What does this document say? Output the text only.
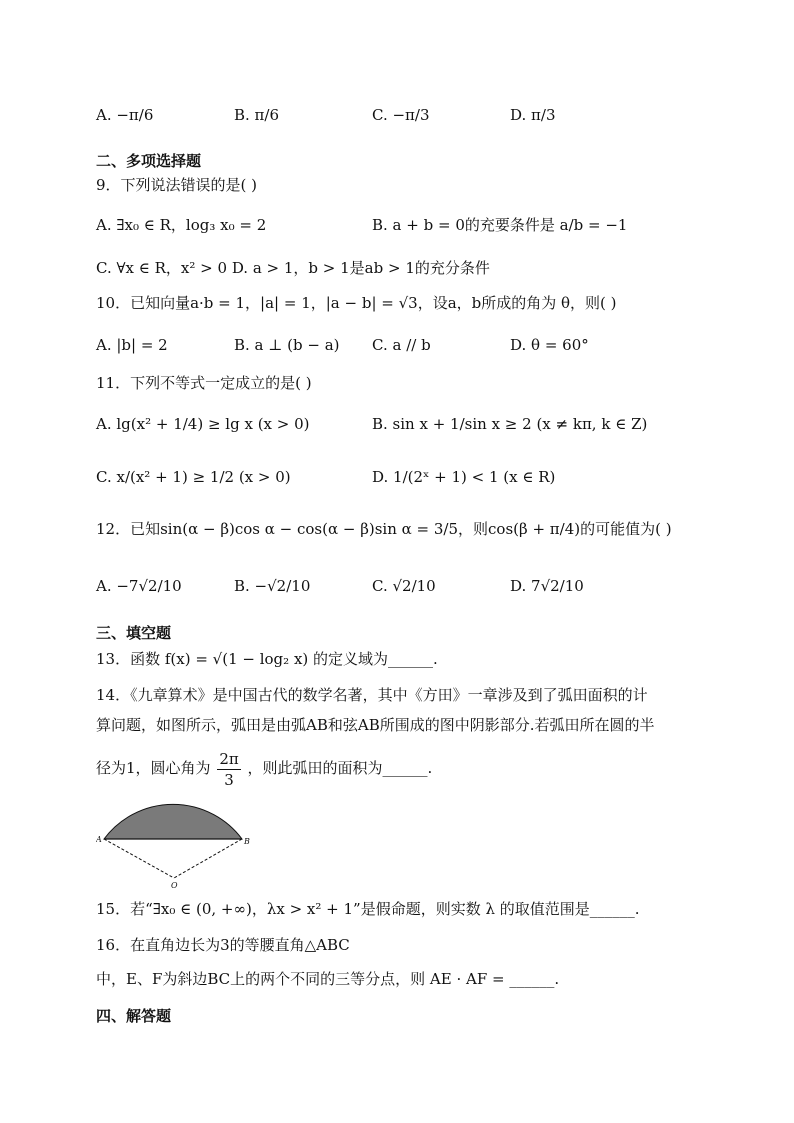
A. −π/6	B. π/6	C. −π/3	D. π/3
二、多项选择题
9．下列说法错误的是( )
A. ∃x₀ ∈ R，log₃ x₀ = 2	B. a + b = 0的充要条件是 a/b = −1
C. ∀x ∈ R，x² > 0 D. a > 1，b > 1是ab > 1的充分条件
10．已知向量a·b = 1，|a| = 1，|a − b| = √3，设a，b所成的角为 θ，则( )
A. |b| = 2	B. a ⊥ (b − a) C. a // b	D. θ = 60°
11．下列不等式一定成立的是( )
A. lg(x² + 1/4) ≥ lg x (x > 0)	B. sin x + 1/sin x ≥ 2 (x ≠ kπ, k ∈ Z)
C. x/(x² + 1) ≥ 1/2 (x > 0)	D. 1/(2ˣ + 1) < 1 (x ∈ R)
12．已知sin(α − β)cos α − cos(α − β)sin α = 3/5，则cos(β + π/4)的可能值为( )
A. −7√2/10	B. −√2/10	C. √2/10	D. 7√2/10
三、填空题
13．函数 f(x) = √(1 − log₂ x) 的定义域为______.
14．《九章算术》是中国古代的数学名著，其中《方田》一章涉及到了弧田面积的计
算问题，如图所示，弧田是由弧AB和弦AB所围成的图中阴影部分.若弧田所在圆的半
径为1，圆心角为 $\frac{2\pi}{3}$ ，则此弧田的面积为______.
A	B
O
15．若“∃x₀ ∈ (0, +∞)，λx > x² + 1”是假命题，则实数 λ 的取值范围是______.
16．在直角边长为3的等腰直角△ABC
中，E、F为斜边BC上的两个不同的三等分点，则 AE · AF = ______.
四、解答题
